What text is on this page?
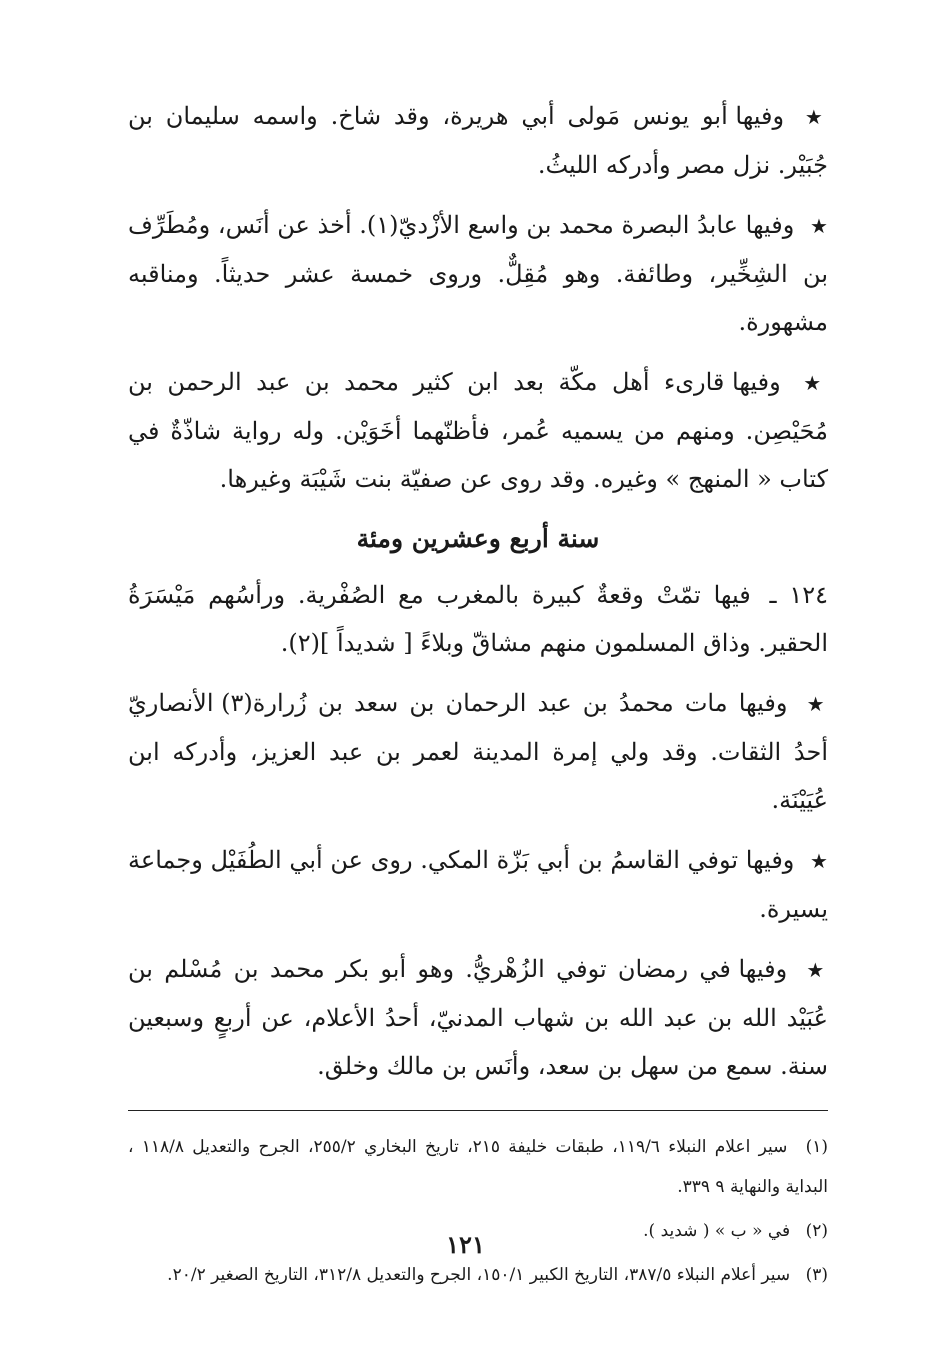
★ وفيها أبو يونس مَولى أبي هريرة، وقد شاخ. واسمه سليمان بن جُبَيْر. نزل مصر وأدركه الليثُ.

★ وفيها عابدُ البصرة محمد بن واسع الأزْديّ(١). أخذ عن أنَس، ومُطَرِّف بن الشِخِّير، وطائفة. وهو مُقِلٌّ. وروى خمسة عشر حديثاً. ومناقبه مشهورة.

★ وفيها قارىء أهل مكّة بعد ابن كثير محمد بن عبد الرحمن بن مُحَيْصِن. ومنهم من يسميه عُمر، فأظنّهما أخَوَيْن. وله رواية شاذّةٌ في كتاب « المنهج » وغيره. وقد روى عن صفيّة بنت شَيْبَة وغيرها.

سنة أربع وعشرين ومئة

١٢٤ ـ فيها تمّتْ وقعةٌ كبيرة بالمغرب مع الصُفْرية. ورأسُهم مَيْسَرَةُ الحقير. وذاق المسلمون منهم مشاقّ وبلاءً [ شديداً ](٢).

★ وفيها مات محمدُ بن عبد الرحمان بن سعد بن زُرارة(٣) الأنصاريّ أحدُ الثقات. وقد ولي إمرة المدينة لعمر بن عبد العزيز، وأدركه ابن عُيَيْنَة.

★ وفيها توفي القاسمُ بن أبي بَزّة المكي. روى عن أبي الطُفَيْل وجماعة يسيرة.

★ وفيها في رمضان توفي الزُهْريُّ. وهو أبو بكر محمد بن مُسْلم بن عُبَيْد الله بن عبد الله بن شهاب المدنيّ، أحدُ الأعلام، عن أربعٍ وسبعين سنة. سمع من سهل بن سعد، وأنَس بن مالك وخلق.

(١) سير اعلام النبلاء ١١٩/٦، طبقات خليفة ٢١٥، تاريخ البخاري ٢٥٥/٢، الجرح والتعديل ١١٨/٨ ، البداية والنهاية ٩ ٣٣٩.

(٢) في « ب » ( شديد ).

(٣) سير أعلام النبلاء ٣٨٧/٥، التاريخ الكبير ١٥٠/١، الجرح والتعديل ٣١٢/٨، التاريخ الصغير ٢٠/٢.

١٢١
